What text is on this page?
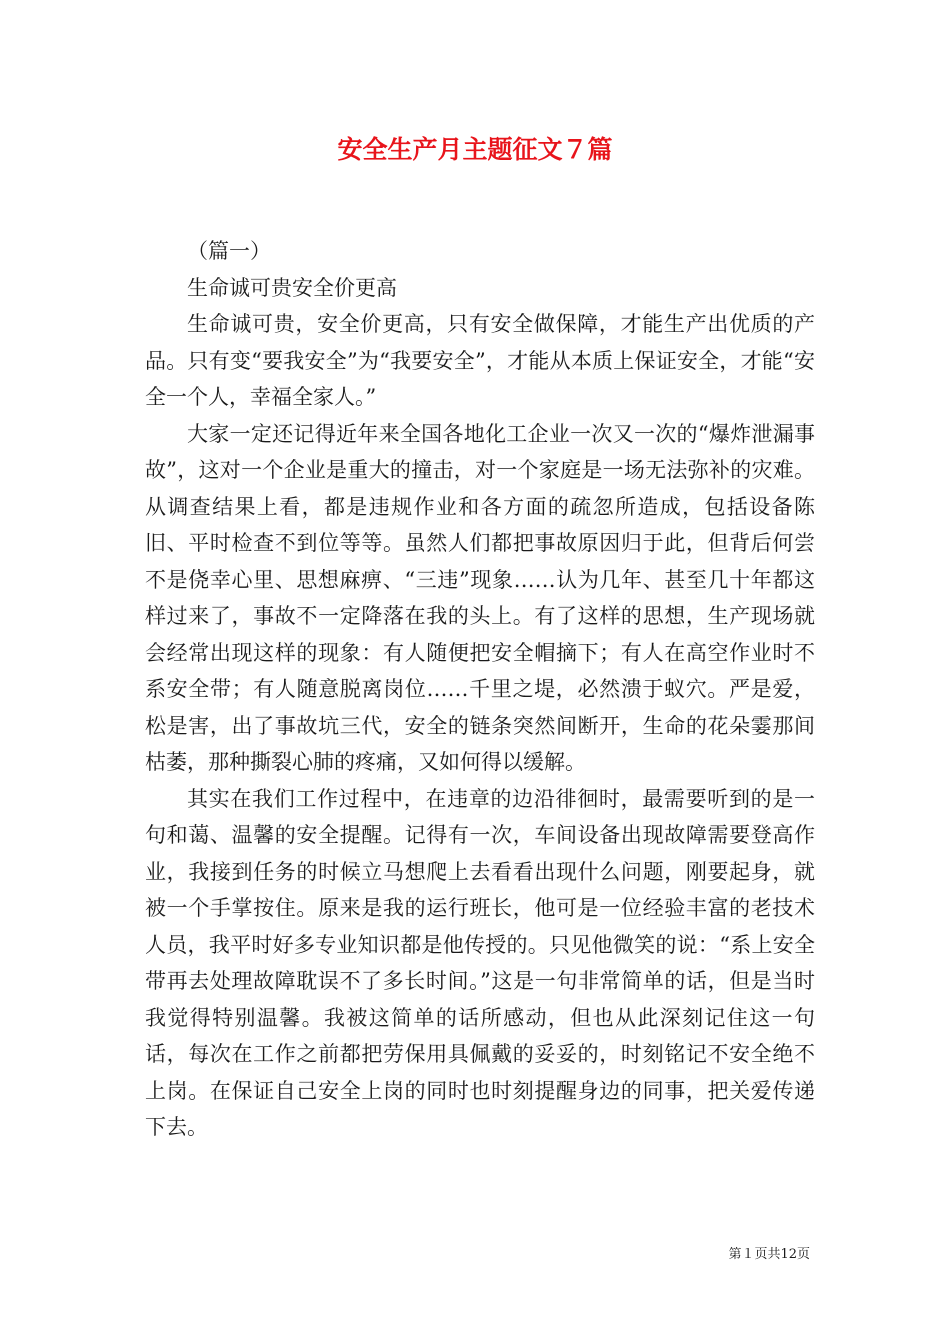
安全生产月主题征文７篇

（篇一）

生命诚可贵安全价更高

生命诚可贵，安全价更高，只有安全做保障，才能生产出优质的产品。只有变“要我安全”为“我要安全”，才能从本质上保证安全，才能“安全一个人，幸福全家人。”

大家一定还记得近年来全国各地化工企业一次又一次的“爆炸泄漏事故”，这对一个企业是重大的撞击，对一个家庭是一场无法弥补的灾难。从调查结果上看，都是违规作业和各方面的疏忽所造成，包括设备陈旧、平时检查不到位等等。虽然人们都把事故原因归于此，但背后何尝不是侥幸心里、思想麻痹、“三违”现象……认为几年、甚至几十年都这样过来了，事故不一定降落在我的头上。有了这样的思想，生产现场就会经常出现这样的现象：有人随便把安全帽摘下；有人在高空作业时不系安全带；有人随意脱离岗位……千里之堤，必然溃于蚁穴。严是爱，松是害，出了事故坑三代，安全的链条突然间断开，生命的花朵霎那间枯萎，那种撕裂心肺的疼痛，又如何得以缓解。

其实在我们工作过程中，在违章的边沿徘徊时，最需要听到的是一句和蔼、温馨的安全提醒。记得有一次，车间设备出现故障需要登高作业，我接到任务的时候立马想爬上去看看出现什么问题，刚要起身，就被一个手掌按住。原来是我的运行班长，他可是一位经验丰富的老技术人员，我平时好多专业知识都是他传授的。只见他微笑的说：“系上安全带再去处理故障耽误不了多长时间。”这是一句非常简单的话，但是当时我觉得特别温馨。我被这简单的话所感动，但也从此深刻记住这一句话，每次在工作之前都把劳保用具佩戴的妥妥的，时刻铭记不安全绝不上岗。在保证自己安全上岗的同时也时刻提醒身边的同事，把关爱传递下去。

第１页共12页
